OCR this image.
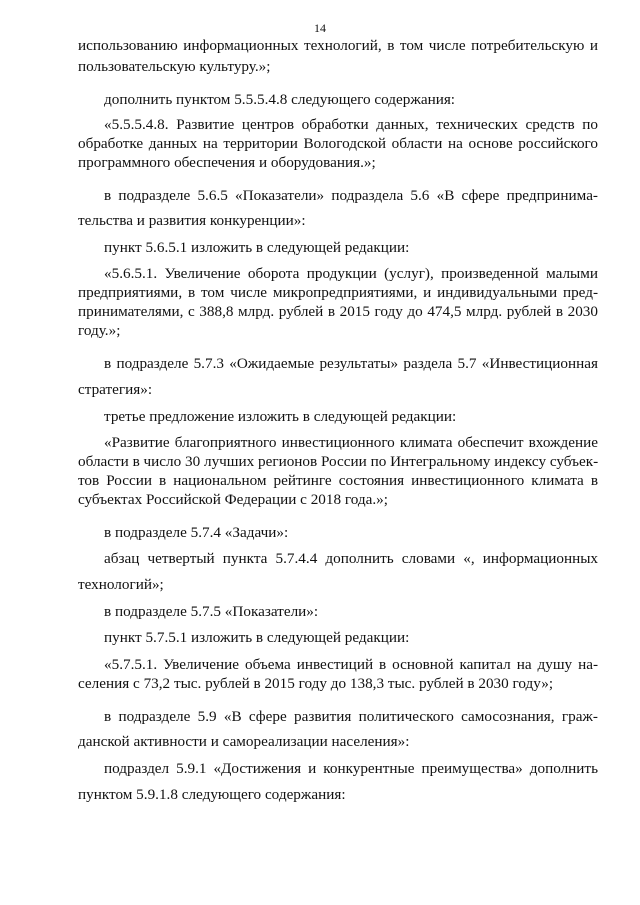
14
использованию информационных технологий, в том числе потребительскую и
пользовательскую культуру.»;
дополнить пунктом 5.5.5.4.8 следующего содержания:
«5.5.5.4.8. Развитие центров обработки данных, технических средств по
обработке данных на территории Вологодской области на основе российского
программного обеспечения и оборудования.»;
в подразделе 5.6.5 «Показатели» подраздела 5.6 «В сфере предпринима-
тельства и развития конкуренции»:
пункт 5.6.5.1 изложить в следующей редакции:
«5.6.5.1. Увеличение оборота продукции (услуг), произведенной малыми
предприятиями, в том числе микропредприятиями, и индивидуальными пред-
принимателями, с 388,8 млрд. рублей в 2015 году до 474,5 млрд. рублей в 2030
году.»;
в подразделе 5.7.3 «Ожидаемые результаты» раздела 5.7 «Инвестиционная
стратегия»:
третье предложение изложить в следующей редакции:
«Развитие благоприятного инвестиционного климата обеспечит вхождение
области в число 30 лучших регионов России по Интегральному индексу субъек-
тов России в национальном рейтинге состояния инвестиционного климата в
субъектах Российской Федерации с 2018 года.»;
в подразделе 5.7.4 «Задачи»:
абзац четвертый пункта 5.7.4.4 дополнить словами «, информационных
технологий»;
в подразделе 5.7.5 «Показатели»:
пункт 5.7.5.1 изложить в следующей редакции:
«5.7.5.1. Увеличение объема инвестиций в основной капитал на душу на-
селения с 73,2 тыс. рублей в 2015 году до 138,3 тыс. рублей в 2030 году»;
в подразделе 5.9 «В сфере развития политического самосознания, граж-
данской активности и самореализации населения»:
подраздел 5.9.1 «Достижения и конкурентные преимущества» дополнить
пунктом 5.9.1.8 следующего содержания:
